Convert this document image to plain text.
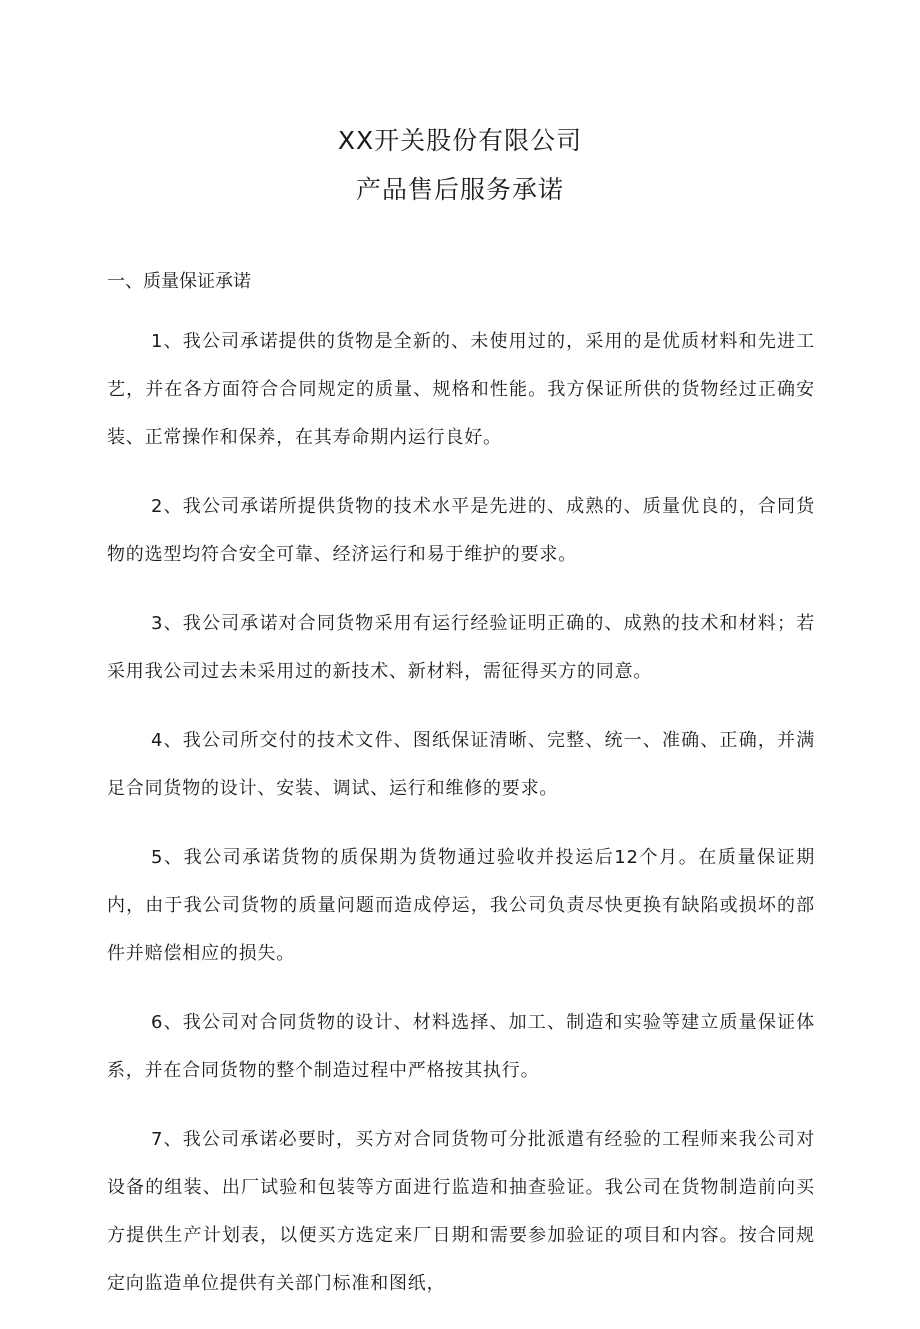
XX开关股份有限公司
产品售后服务承诺
一、质量保证承诺
1、我公司承诺提供的货物是全新的、未使用过的，采用的是优质材料和先进工艺，并在各方面符合合同规定的质量、规格和性能。我方保证所供的货物经过正确安装、正常操作和保养，在其寿命期内运行良好。
2、我公司承诺所提供货物的技术水平是先进的、成熟的、质量优良的，合同货物的选型均符合安全可靠、经济运行和易于维护的要求。
3、我公司承诺对合同货物采用有运行经验证明正确的、成熟的技术和材料；若采用我公司过去未采用过的新技术、新材料，需征得买方的同意。
4、我公司所交付的技术文件、图纸保证清晰、完整、统一、准确、正确，并满足合同货物的设计、安装、调试、运行和维修的要求。
5、我公司承诺货物的质保期为货物通过验收并投运后12个月。在质量保证期内，由于我公司货物的质量问题而造成停运，我公司负责尽快更换有缺陷或损坏的部件并赔偿相应的损失。
6、我公司对合同货物的设计、材料选择、加工、制造和实验等建立质量保证体系，并在合同货物的整个制造过程中严格按其执行。
7、我公司承诺必要时，买方对合同货物可分批派遣有经验的工程师来我公司对设备的组装、出厂试验和包装等方面进行监造和抽查验证。我公司在货物制造前向买方提供生产计划表，以便买方选定来厂日期和需要参加验证的项目和内容。按合同规定向监造单位提供有关部门标准和图纸，
